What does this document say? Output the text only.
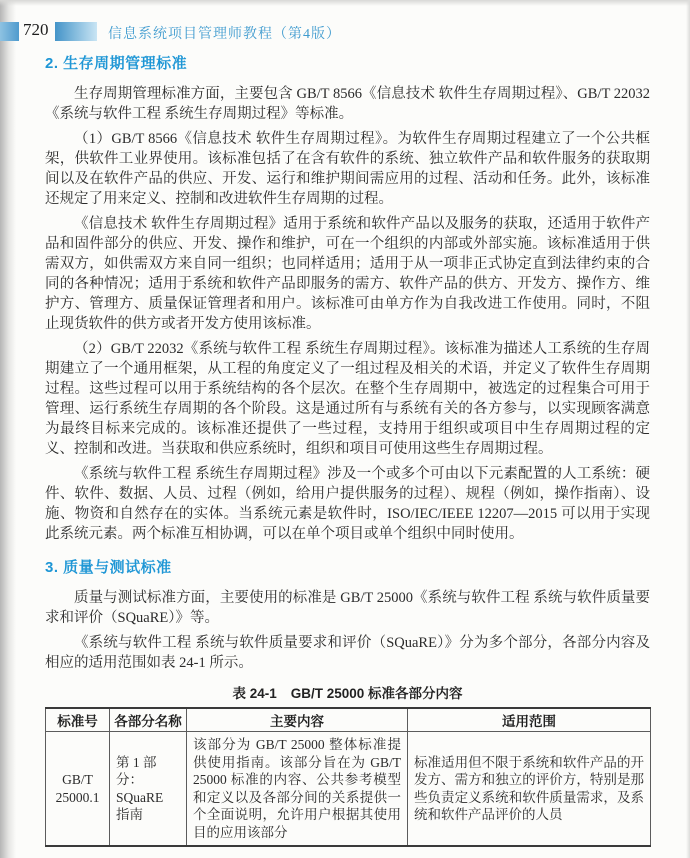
720	信息系统项目管理师教程（第4版）
2. 生存周期管理标准

生存周期管理标准方面，主要包含 GB/T 8566《信息技术 软件生存周期过程》、GB/T 22032《系统与软件工程 系统生存周期过程》等标准。

（1）GB/T 8566《信息技术 软件生存周期过程》。为软件生存周期过程建立了一个公共框架，供软件工业界使用。该标准包括了在含有软件的系统、独立软件产品和软件服务的获取期间以及在软件产品的供应、开发、运行和维护期间需应用的过程、活动和任务。此外，该标准还规定了用来定义、控制和改进软件生存周期的过程。

《信息技术 软件生存周期过程》适用于系统和软件产品以及服务的获取，还适用于软件产品和固件部分的供应、开发、操作和维护，可在一个组织的内部或外部实施。该标准适用于供需双方，如供需双方来自同一组织；也同样适用；适用于从一项非正式协定直到法律约束的合同的各种情况；适用于系统和软件产品即服务的需方、软件产品的供方、开发方、操作方、维护方、管理方、质量保证管理者和用户。该标准可由单方作为自我改进工作使用。同时，不阻止现货软件的供方或者开发方使用该标准。

（2）GB/T 22032《系统与软件工程 系统生存周期过程》。该标准为描述人工系统的生存周期建立了一个通用框架，从工程的角度定义了一组过程及相关的术语，并定义了软件生存周期过程。这些过程可以用于系统结构的各个层次。在整个生存周期中，被选定的过程集合可用于管理、运行系统生存周期的各个阶段。这是通过所有与系统有关的各方参与，以实现顾客满意为最终目标来完成的。该标准还提供了一些过程，支持用于组织或项目中生存周期过程的定义、控制和改进。当获取和供应系统时，组织和项目可使用这些生存周期过程。

《系统与软件工程 系统生存周期过程》涉及一个或多个可由以下元素配置的人工系统：硬件、软件、数据、人员、过程（例如，给用户提供服务的过程）、规程（例如，操作指南）、设施、物资和自然存在的实体。当系统元素是软件时，ISO/IEC/IEEE 12207—2015 可以用于实现此系统元素。两个标准互相协调，可以在单个项目或单个组织中同时使用。

3. 质量与测试标准

质量与测试标准方面，主要使用的标准是 GB/T 25000《系统与软件工程 系统与软件质量要求和评价（SQuaRE）》等。

《系统与软件工程 系统与软件质量要求和评价（SQuaRE）》分为多个部分，各部分内容及相应的适用范围如表 24-1 所示。

表 24-1 GB/T 25000 标准各部分内容
标准号	各部分名称	主要内容	适用范围
GB/T 25000.1	第 1 部分：SQuaRE 指南	该部分为 GB/T 25000 整体标准提供使用指南。该部分旨在为 GB/T 25000 标准的内容、公共参考模型和定义以及各部分间的关系提供一个全面说明，允许用户根据其使用目的应用该部分	标准适用但不限于系统和软件产品的开发方、需方和独立的评价方，特别是那些负责定义系统和软件质量需求，及系统和软件产品评价的人员
